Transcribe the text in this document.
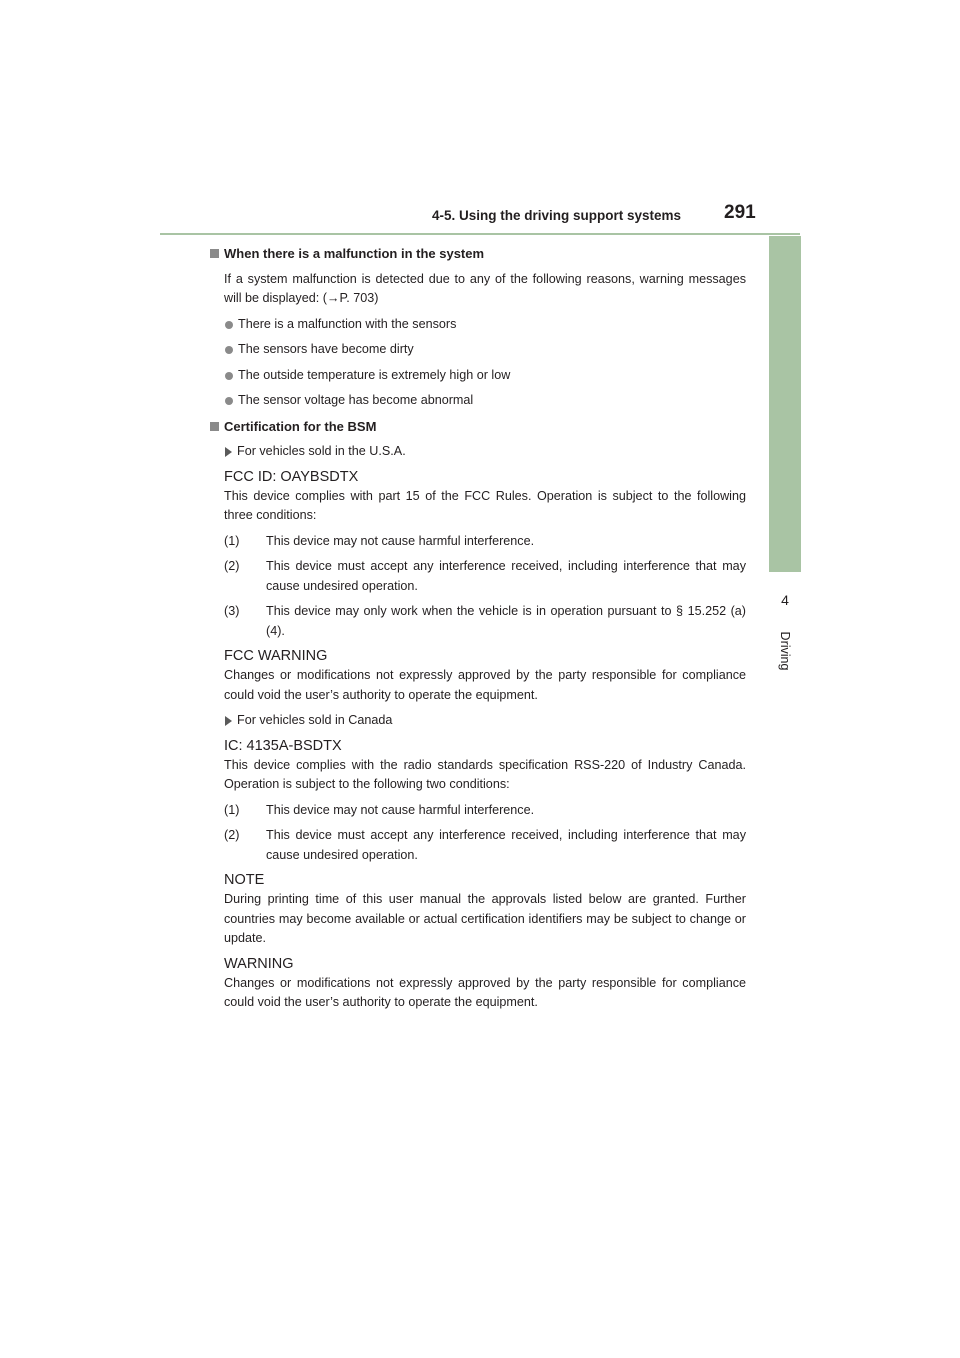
4-5. Using the driving support systems 291
4
Driving
When there is a malfunction in the system
If a system malfunction is detected due to any of the following reasons, warning messages will be displayed: (→P. 703)
There is a malfunction with the sensors
The sensors have become dirty
The outside temperature is extremely high or low
The sensor voltage has become abnormal
Certification for the BSM
For vehicles sold in the U.S.A.
FCC ID: OAYBSDTX
This device complies with part 15 of the FCC Rules. Operation is subject to the following three conditions:
(1) This device may not cause harmful interference.
(2) This device must accept any interference received, including interference that may cause undesired operation.
(3) This device may only work when the vehicle is in operation pursuant to § 15.252 (a) (4).
FCC WARNING
Changes or modifications not expressly approved by the party responsible for compliance could void the user’s authority to operate the equipment.
For vehicles sold in Canada
IC: 4135A-BSDTX
This device complies with the radio standards specification RSS-220 of Industry Canada. Operation is subject to the following two conditions:
(1) This device may not cause harmful interference.
(2) This device must accept any interference received, including interference that may cause undesired operation.
NOTE
During printing time of this user manual the approvals listed below are granted. Further countries may become available or actual certification identifiers may be subject to change or update.
WARNING
Changes or modifications not expressly approved by the party responsible for compliance could void the user’s authority to operate the equipment.
